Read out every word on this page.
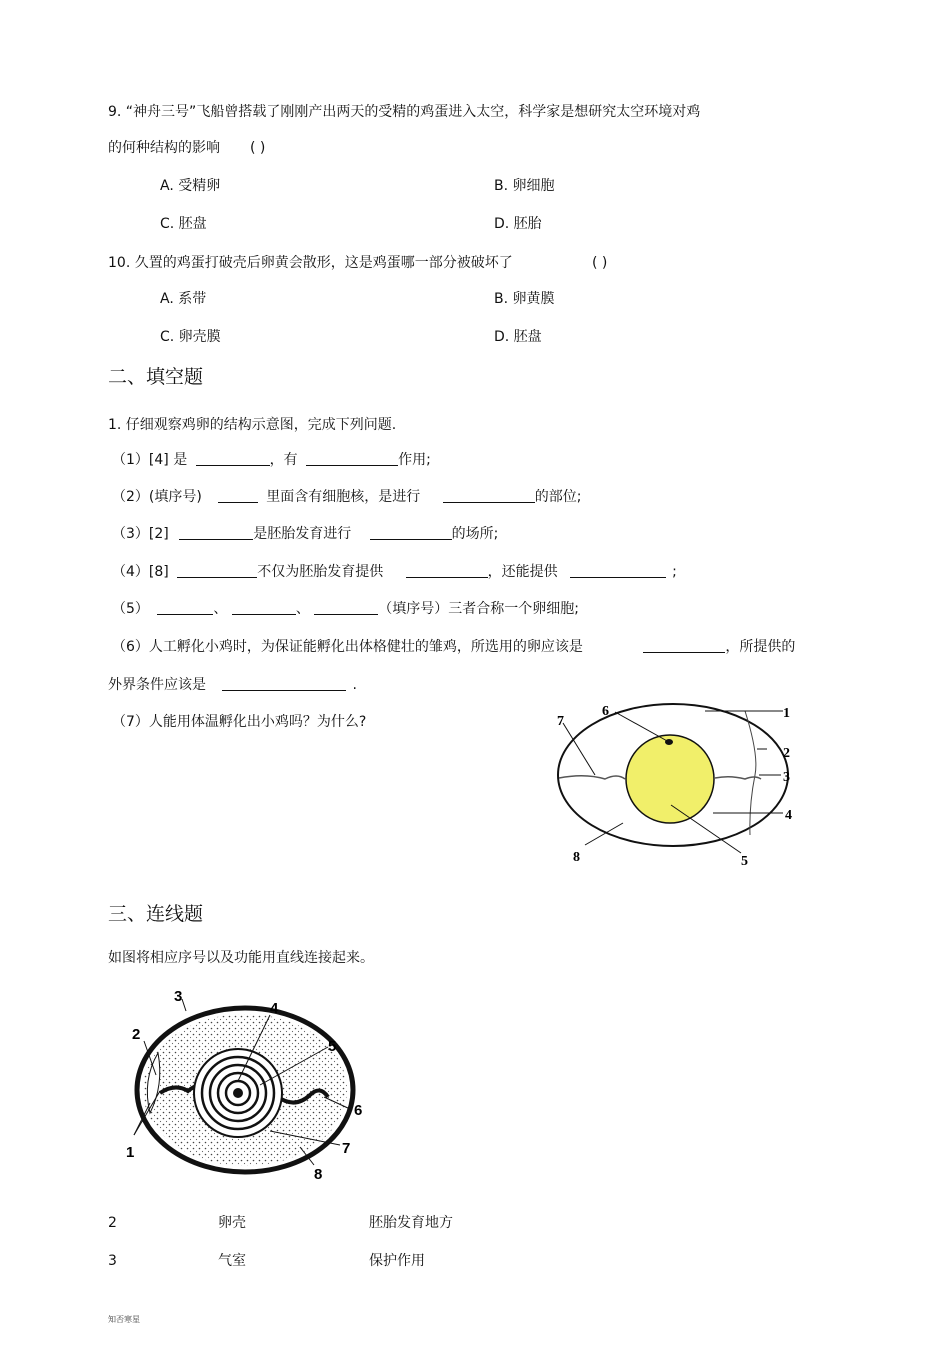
9. “神舟三号”飞船曾搭载了刚刚产出两天的受精的鸡蛋进入太空，科学家是想研究太空环境对鸡
的何种结构的影响 ( )
A. 受精卵	B. 卵细胞
C. 胚盘	D. 胚胎
10. 久置的鸡蛋打破壳后卵黄会散形，这是鸡蛋哪一部分被破坏了	( )
A. 系带	B. 卵黄膜
C. 卵壳膜	D. 胚盘
二、填空题
1. 仔细观察鸡卵的结构示意图，完成下列问题.
（1）[4] 是	，有	作用;
（2）(填序号)	里面含有细胞核，是进行	的部位;
（3）[2]	是胚胎发育进行	的场所;
（4）[8]	不仅为胚胎发育提供	，还能提供	;
（5）	、	、	（填序号）三者合称一个卵细胞;
（6）人工孵化小鸡时，为保证能孵化出体格健壮的雏鸡，所选用的卵应该是	，所提供的
外界条件应该是	.
（7）人能用体温孵化出小鸡吗？为什么?
1
2
3
4
5
6
7
8
三、连线题
如图将相应序号以及功能用直线连接起来。
3
4
5
6
7
8
2
1
2	卵壳	胚胎发育地方
3	气室	保护作用
知否寒星
